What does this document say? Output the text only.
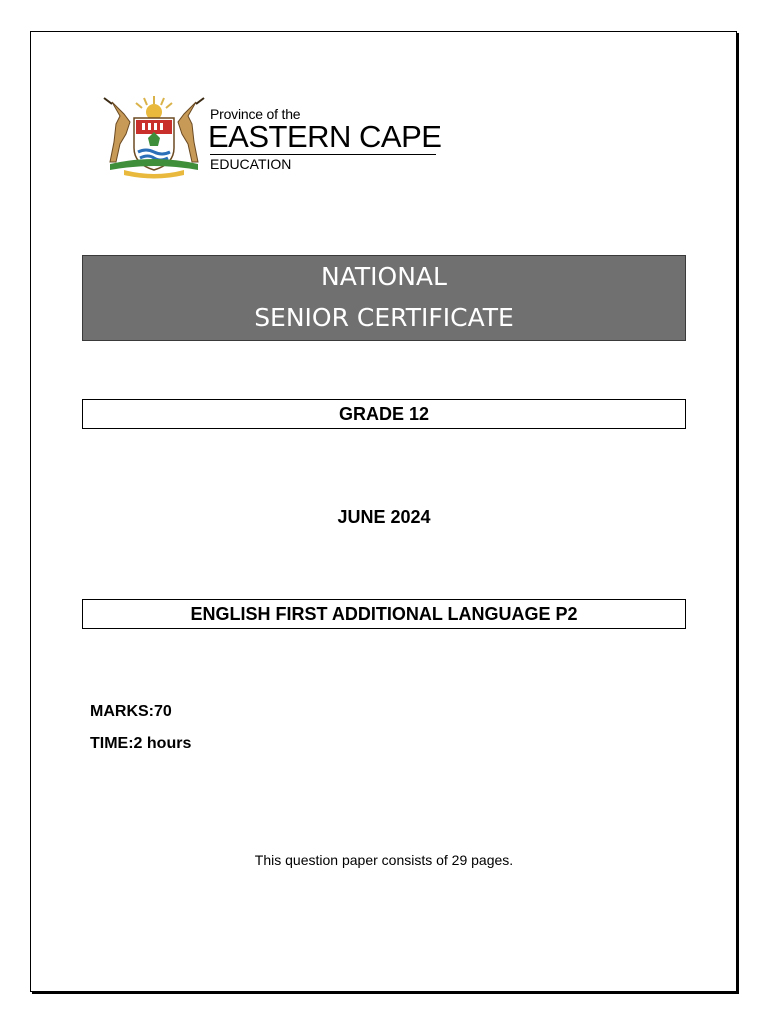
Province of the
EASTERN CAPE
EDUCATION
NATIONAL
SENIOR CERTIFICATE
GRADE 12
JUNE 2024
ENGLISH FIRST ADDITIONAL LANGUAGE P2
MARKS:70
TIME:2 hours
This question paper consists of 29 pages.
